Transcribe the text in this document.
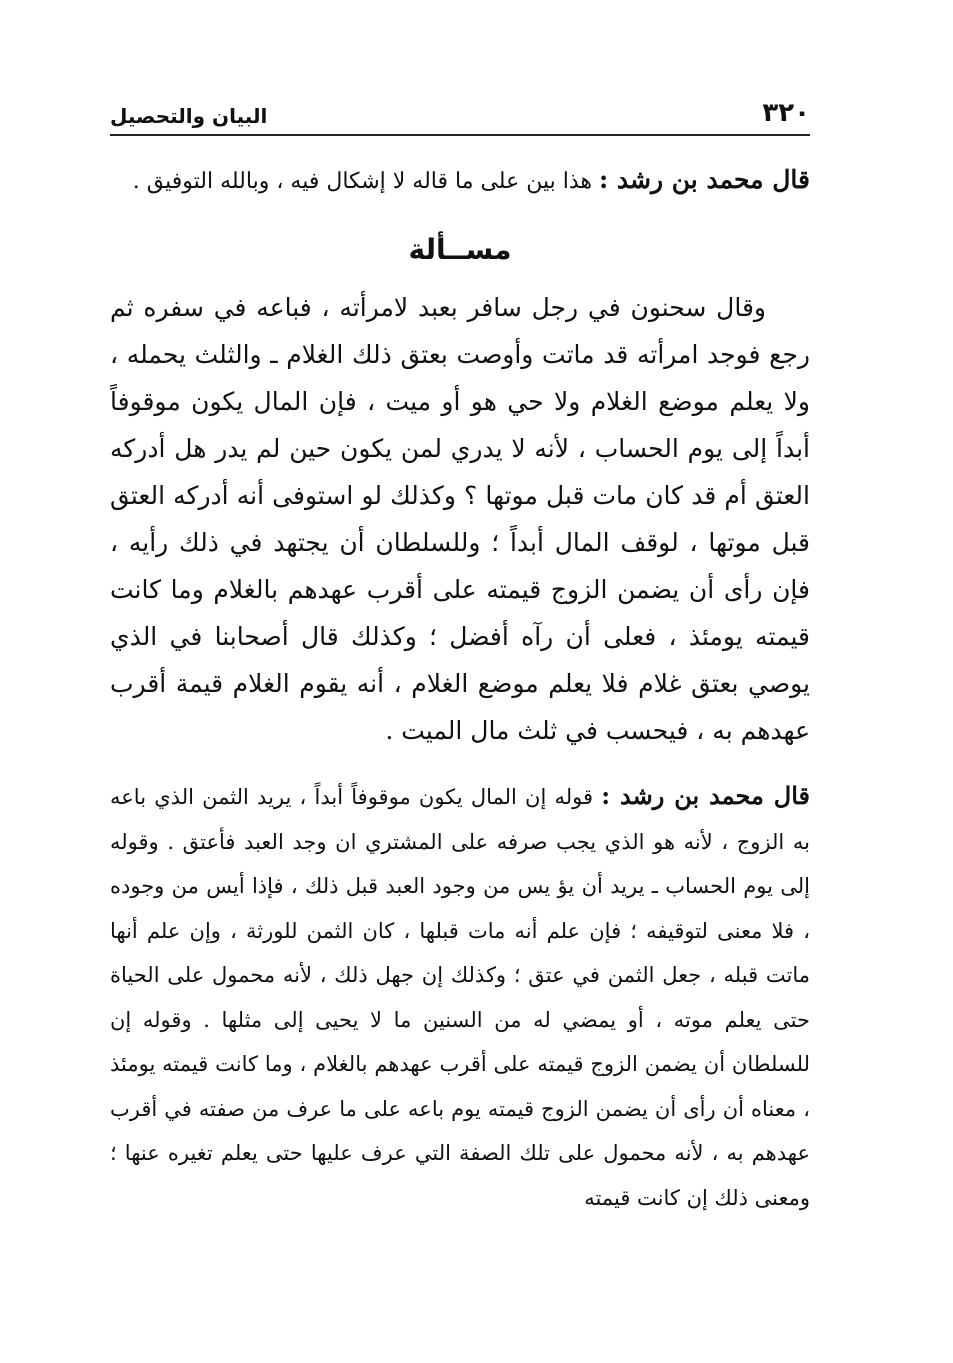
٣٢٠
البيان والتحصيل

قال محمد بن رشد : هذا بين على ما قاله لا إشكال فيه ، وبالله التوفيق .

مســألة

وقال سحنون في رجل سافر بعبد لامرأته ، فباعه في سفره ثم رجع فوجد امرأته قد ماتت وأوصت بعتق ذلك الغلام ـ والثلث يحمله ، ولا يعلم موضع الغلام ولا حي هو أو ميت ، فإن المال يكون موقوفاً أبداً إلى يوم الحساب ، لأنه لا يدري لمن يكون حين لم يدر هل أدركه العتق أم قد كان مات قبل موتها ؟ وكذلك لو استوفى أنه أدركه العتق قبل موتها ، لوقف المال أبداً ؛ وللسلطان أن يجتهد في ذلك رأيه ، فإن رأى أن يضمن الزوج قيمته على أقرب عهدهم بالغلام وما كانت قيمته يومئذ ، فعلى أن رآه أفضل ؛ وكذلك قال أصحابنا في الذي يوصي بعتق غلام فلا يعلم موضع الغلام ، أنه يقوم الغلام قيمة أقرب عهدهم به ، فيحسب في ثلث مال الميت .

قال محمد بن رشد : قوله إن المال يكون موقوفاً أبداً ، يريد الثمن الذي باعه به الزوج ، لأنه هو الذي يجب صرفه على المشتري ان وجد العبد فأعتق . وقوله إلى يوم الحساب ـ يريد أن يؤ يس من وجود العبد قبل ذلك ، فإذا أيس من وجوده ، فلا معنى لتوقيفه ؛ فإن علم أنه مات قبلها ، كان الثمن للورثة ، وإن علم أنها ماتت قبله ، جعل الثمن في عتق ؛ وكذلك إن جهل ذلك ، لأنه محمول على الحياة حتى يعلم موته ، أو يمضي له من السنين ما لا يحيى إلى مثلها . وقوله إن للسلطان أن يضمن الزوج قيمته على أقرب عهدهم بالغلام ، وما كانت قيمته يومئذ ، معناه أن رأى أن يضمن الزوج قيمته يوم باعه على ما عرف من صفته في أقرب عهدهم به ، لأنه محمول على تلك الصفة التي عرف عليها حتى يعلم تغيره عنها ؛ ومعنى ذلك إن كانت قيمته
